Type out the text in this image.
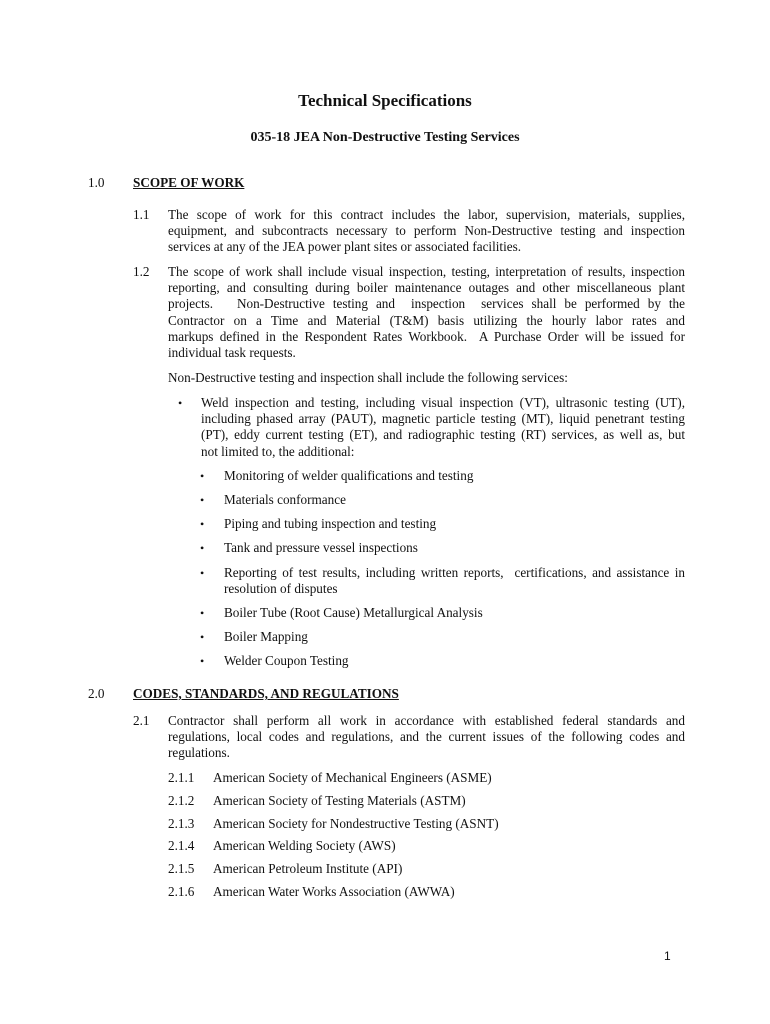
Technical Specifications
035-18 JEA Non-Destructive Testing Services
1.0 SCOPE OF WORK
1.1 The scope of work for this contract includes the labor, supervision, materials, supplies,
equipment, and subcontracts necessary to perform Non-Destructive testing and inspection
services at any of the JEA power plant sites or associated facilities.
1.2 The scope of work shall include visual inspection, testing, interpretation of results, inspection
reporting, and consulting during boiler maintenance outages and other miscellaneous plant
projects.   Non-Destructive testing and  inspection  services shall be performed by the
Contractor on a Time and Material (T&M) basis utilizing the hourly labor rates and
markups defined in the Respondent Rates Workbook.  A Purchase Order will be issued for
individual task requests.
Non-Destructive testing and inspection shall include the following services:
• Weld inspection and testing, including visual inspection (VT), ultrasonic testing (UT),
including phased array (PAUT), magnetic particle testing (MT), liquid penetrant testing
(PT), eddy current testing (ET), and radiographic testing (RT) services, as well as, but
not limited to, the additional:
• Monitoring of welder qualifications and testing
• Materials conformance
• Piping and tubing inspection and testing
• Tank and pressure vessel inspections
• Reporting of test results, including written reports,  certifications, and assistance in
resolution of disputes
• Boiler Tube (Root Cause) Metallurgical Analysis
• Boiler Mapping
• Welder Coupon Testing
2.0 CODES, STANDARDS, AND REGULATIONS
2.1 Contractor shall perform all work in accordance with established federal standards and
regulations, local codes and regulations, and the current issues of the following codes and
regulations.
2.1.1 American Society of Mechanical Engineers (ASME)
2.1.2 American Society of Testing Materials (ASTM)
2.1.3 American Society for Nondestructive Testing (ASNT)
2.1.4 American Welding Society (AWS)
2.1.5 American Petroleum Institute (API)
2.1.6 American Water Works Association (AWWA)
1
